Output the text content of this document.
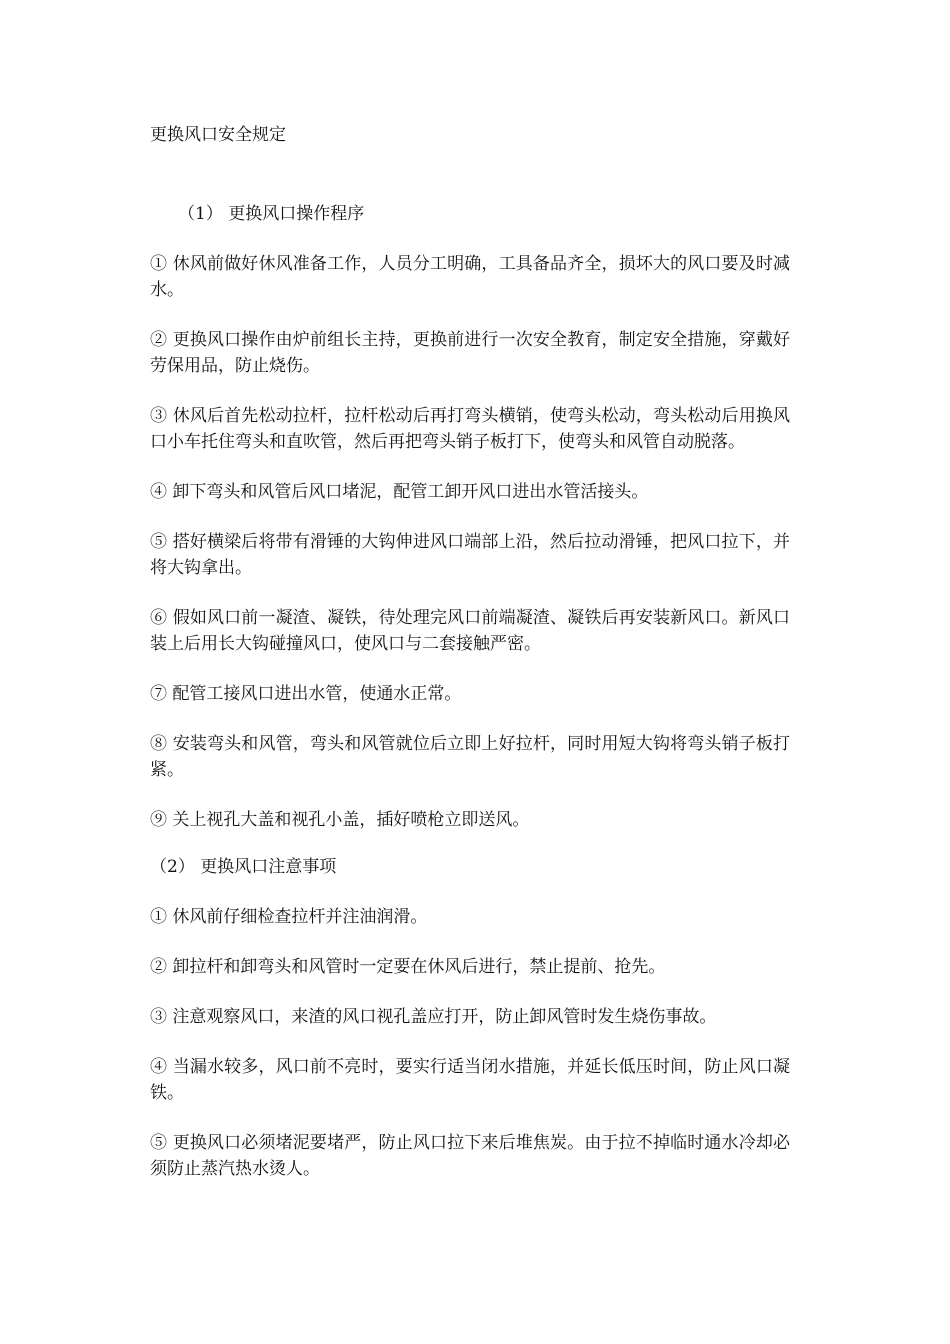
更换风口安全规定
（1） 更换风口操作程序
① 休风前做好休风准备工作，人员分工明确，工具备品齐全，损坏大的风口要及时减水。
② 更换风口操作由炉前组长主持，更换前进行一次安全教育，制定安全措施，穿戴好劳保用品，防止烧伤。
③ 休风后首先松动拉杆，拉杆松动后再打弯头横销，使弯头松动，弯头松动后用换风口小车托住弯头和直吹管，然后再把弯头销子板打下，使弯头和风管自动脱落。
④ 卸下弯头和风管后风口堵泥，配管工卸开风口进出水管活接头。
⑤ 搭好横梁后将带有滑锤的大钩伸进风口端部上沿，然后拉动滑锤，把风口拉下，并将大钩拿出。
⑥ 假如风口前一凝渣、凝铁，待处理完风口前端凝渣、凝铁后再安装新风口。新风口装上后用长大钩碰撞风口，使风口与二套接触严密。
⑦ 配管工接风口进出水管，使通水正常。
⑧ 安装弯头和风管，弯头和风管就位后立即上好拉杆，同时用短大钩将弯头销子板打紧。
⑨ 关上视孔大盖和视孔小盖，插好喷枪立即送风。
（2） 更换风口注意事项
① 休风前仔细检查拉杆并注油润滑。
② 卸拉杆和卸弯头和风管时一定要在休风后进行，禁止提前、抢先。
③ 注意观察风口，来渣的风口视孔盖应打开，防止卸风管时发生烧伤事故。
④ 当漏水较多，风口前不亮时，要实行适当闭水措施，并延长低压时间，防止风口凝铁。
⑤ 更换风口必须堵泥要堵严，防止风口拉下来后堆焦炭。由于拉不掉临时通水冷却必须防止蒸汽热水烫人。
